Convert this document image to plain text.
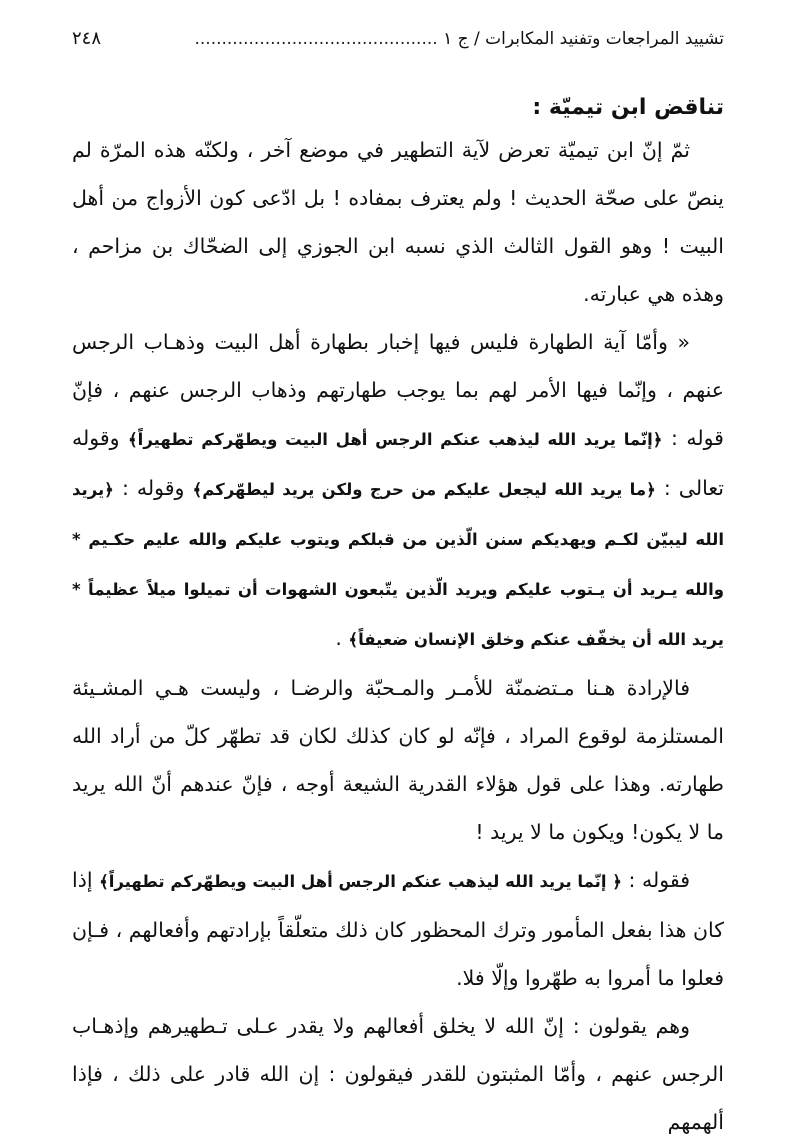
تشييد المراجعات وتفنيد المكابرات / ج ١ .............................................
٢٤٨
تناقض ابن تيميّة :

ثمّ إنّ ابن تيميّة تعرض لآية التطهير في موضع آخر ، ولكنّه هذه المرّة لم ينصّ على صحّة الحديث ! ولم يعترف بمفاده ! بل ادّعى كون الأزواج من أهل البيت ! وهو القول الثالث الذي نسبه ابن الجوزي إلى الضحّاك بن مزاحم ، وهذه هي عبارته.

« وأمّا آية الطهارة فليس فيها إخبار بطهارة أهل البيت وذهـاب الرجس عنهم ، وإنّما فيها الأمر لهم بما يوجب طهارتهم وذهاب الرجس عنهم ، فإنّ قوله : ﴿إنّما يريد الله ليذهب عنكم الرجس أهل البيت ويطهّركم تطهيراً﴾ وقوله تعالى : ﴿ما يريد الله ليجعل عليكم من حرج ولكن يريد ليطهّركم﴾ وقوله : ﴿يريد الله ليبيّن لكـم ويهديكم سنن الّذين من قبلكم ويتوب عليكم والله عليم حكـيم * والله يـريد أن يـتوب عليكم ويريد الّذين يتّبعون الشهوات أن تميلوا ميلاً عظيماً * يريد الله أن يخفّف عنكم وخلق الإنسان ضعيفاً﴾ .

فالإرادة هـنا مـتضمنّة للأمـر والمـحبّة والرضـا ، وليست هـي المشـيئة المستلزمة لوقوع المراد ، فإنّه لو كان كذلك لكان قد تطهّر كلّ من أراد الله طهارته. وهذا على قول هؤلاء القدرية الشيعة أوجه ، فإنّ عندهم أنّ الله يريد ما لا يكون! ويكون ما لا يريد !

فقوله : ﴿ إنّما يريد الله ليذهب عنكم الرجس أهل البيت ويطهّركم تطهيراً﴾ إذا كان هذا بفعل المأمور وترك المحظور كان ذلك متعلّقاً بإرادتهم وأفعالهم ، فـإن فعلوا ما أمروا به طهّروا وإلّا فلا.

وهم يقولون : إنّ الله لا يخلق أفعالهم ولا يقدر عـلى تـطهيرهم وإذهـاب الرجس عنهم ، وأمّا المثبتون للقدر فيقولون : إن الله قادر على ذلك ، فإذا ألهمهم
